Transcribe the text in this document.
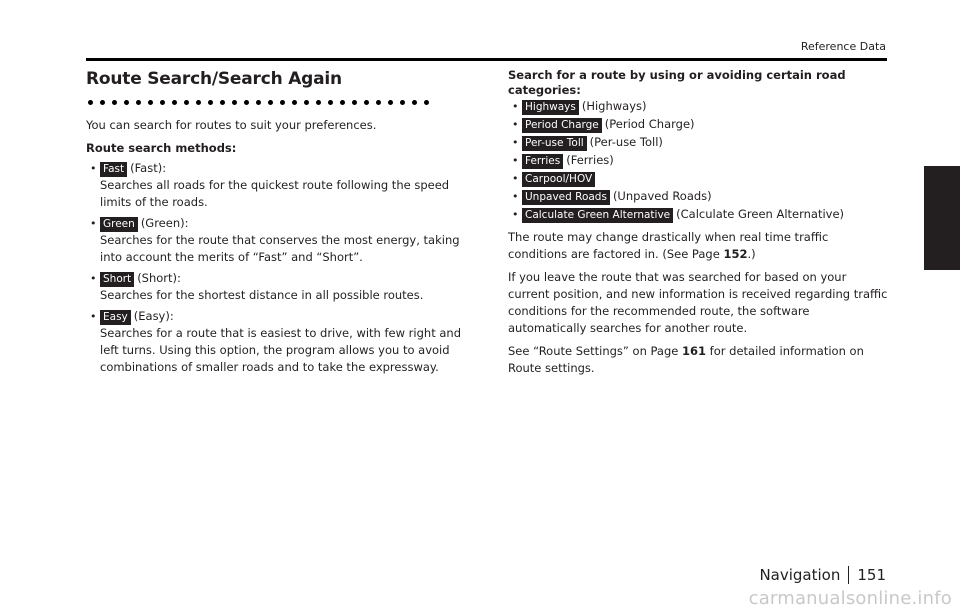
Reference Data
Route Search/Search Again
You can search for routes to suit your preferences.
Route search methods:
• Fast (Fast):
Searches all roads for the quickest route following the speed limits of the roads.
• Green (Green):
Searches for the route that conserves the most energy, taking into account the merits of “Fast” and “Short”.
• Short (Short):
Searches for the shortest distance in all possible routes.
• Easy (Easy):
Searches for a route that is easiest to drive, with few right and left turns. Using this option, the program allows you to avoid combinations of smaller roads and to take the expressway.
Search for a route by using or avoiding certain road categories:
• Highways (Highways)
• Period Charge (Period Charge)
• Per-use Toll (Per-use Toll)
• Ferries (Ferries)
• Carpool/HOV
• Unpaved Roads (Unpaved Roads)
• Calculate Green Alternative (Calculate Green Alternative)

The route may change drastically when real time traffic conditions are factored in. (See Page 152.)

If you leave the route that was searched for based on your current position, and new information is received regarding traffic conditions for the recommended route, the software automatically searches for another route.

See “Route Settings” on Page 161 for detailed information on Route settings.

Navigation 151
carmanualsonline.info
